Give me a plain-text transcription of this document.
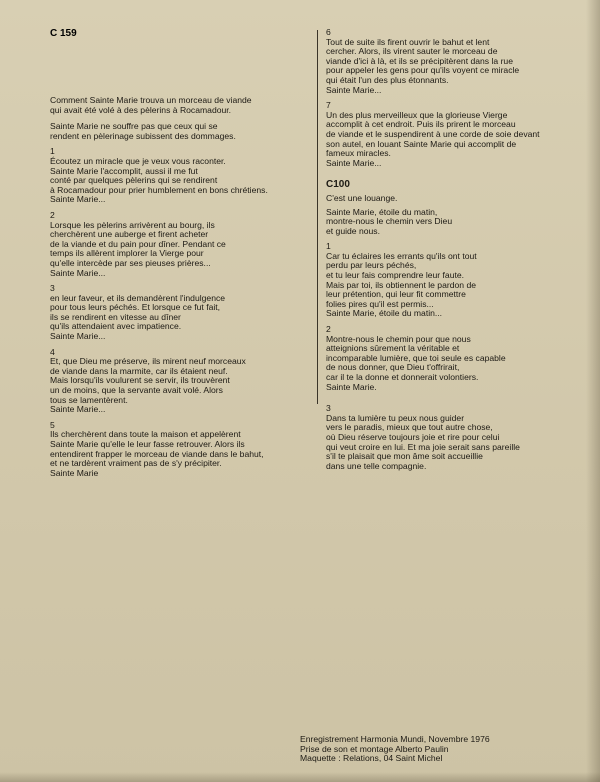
C 159

Comment Sainte Marie trouva un morceau de viande
qui avait été volé à des pèlerins à Rocamadour.

Sainte Marie ne souffre pas que ceux qui se
rendent en pèlerinage subissent des dommages.

1

Écoutez un miracle que je veux vous raconter.
Sainte Marie l'accomplit, aussi il me fut
conté par quelques pèlerins qui se rendirent
à Rocamadour pour prier humblement en bons chrétiens.

Sainte Marie...

2

Lorsque les pèlerins arrivèrent au bourg, ils
cherchèrent une auberge et firent acheter
de la viande et du pain pour dîner. Pendant ce
temps ils allèrent implorer la Vierge pour
qu'elle intercède par ses pieuses prières...

Sainte Marie...

3

en leur faveur, et ils demandèrent l'indulgence
pour tous leurs péchés. Et lorsque ce fut fait,
ils se rendirent en vitesse au dîner
qu'ils attendaient avec impatience.

Sainte Marie...

4

Et, que Dieu me préserve, ils mirent neuf morceaux
de viande dans la marmite, car ils étaient neuf.
Mais lorsqu'ils voulurent se servir, ils trouvèrent
un de moins, que la servante avait volé. Alors
tous se lamentèrent.

Sainte Marie...

5

Ils cherchèrent dans toute la maison et appelèrent
Sainte Marie qu'elle le leur fasse retrouver. Alors ils
entendirent frapper le morceau de viande dans le bahut,
et ne tardèrent vraiment pas de s'y précipiter.

Sainte Marie

6

Tout de suite ils firent ouvrir le bahut et lent
cercher. Alors, ils virent sauter le morceau de
viande d'ici à là, et ils se précipitèrent dans la rue
pour appeler les gens pour qu'ils voyent ce miracle
qui était l'un des plus étonnants.

Sainte Marie...

7

Un des plus merveilleux que la glorieuse Vierge
accomplit à cet endroit. Puis ils prirent le morceau
de viande et le suspendirent à une corde de soie devant
son autel, en louant Sainte Marie qui accomplit de
fameux miracles.

Sainte Marie...

C100

C'est une louange.

Sainte Marie, étoile du matin,
montre-nous le chemin vers Dieu
et guide nous.

1

Car tu éclaires les errants qu'ils ont tout
perdu par leurs péchés,
et tu leur fais comprendre leur faute.
Mais par toi, ils obtiennent le pardon de
leur prétention, qui leur fit commettre
folies pires qu'il est permis...

Sainte Marie, étoile du matin...

2

Montre-nous le chemin pour que nous
atteignions sûrement la véritable et
incomparable lumière, que toi seule es capable
de nous donner, que Dieu t'offrirait,
car il te la donne et donnerait volontiers.

Sainte Marie.

3

Dans ta lumière tu peux nous guider
vers le paradis, mieux que tout autre chose,
où Dieu réserve toujours joie et rire pour celui
qui veut croire en lui. Et ma joie serait sans pareille
s'il te plaisait que mon âme soit accueillie
dans une telle compagnie.

Enregistrement Harmonia Mundi, Novembre 1976

Prise de son et montage Alberto Paulin

Maquette : Relations, 04 Saint Michel
